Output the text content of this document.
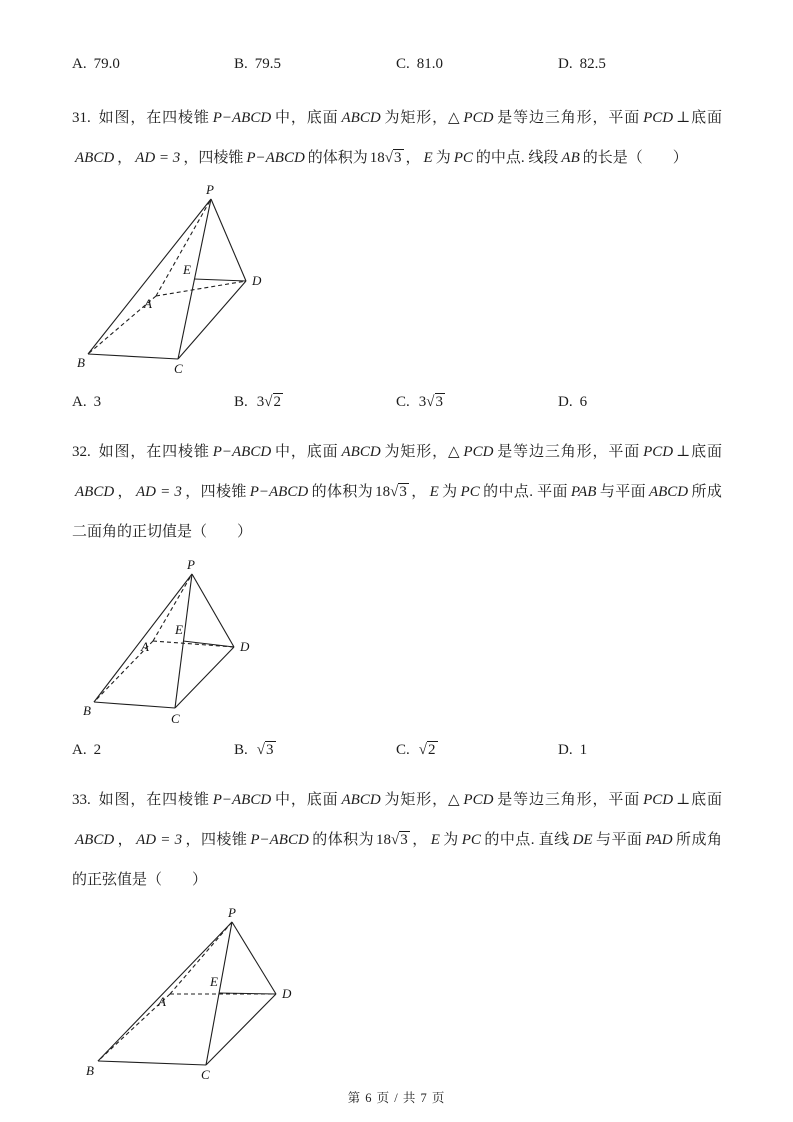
A. 79.0	B. 79.5	C. 81.0	D. 82.5

31. 如图，在四棱锥 P−ABCD 中，底面 ABCD 为矩形，△ PCD 是等边三角形，平面 PCD ⊥底面ABCD ， AD = 3 ，四棱锥 P−ABCD 的体积为 18√3 ， E 为 PC 的中点. 线段 AB 的长是（　　）

P
E
A
D
B	C
A. 3	B. 3√2	C. 3√3	D. 6

32. 如图，在四棱锥 P−ABCD 中，底面 ABCD 为矩形，△ PCD 是等边三角形，平面 PCD ⊥底面ABCD ， AD = 3 ，四棱锥 P−ABCD 的体积为 18√3 ， E 为 PC 的中点. 平面 PAB 与平面 ABCD 所成二面角的正切值是（　　）

P
E
A	D
B
C
A. 2	B. √3	C. √2	D. 1

33. 如图，在四棱锥 P−ABCD 中，底面 ABCD 为矩形，△ PCD 是等边三角形，平面 PCD ⊥底面ABCD ， AD = 3 ，四棱锥 P−ABCD 的体积为 18√3 ， E 为 PC 的中点. 直线 DE 与平面 PAD 所成角的正弦值是（　　）

P
E
A
D
B	C
第 6 页 / 共 7 页
